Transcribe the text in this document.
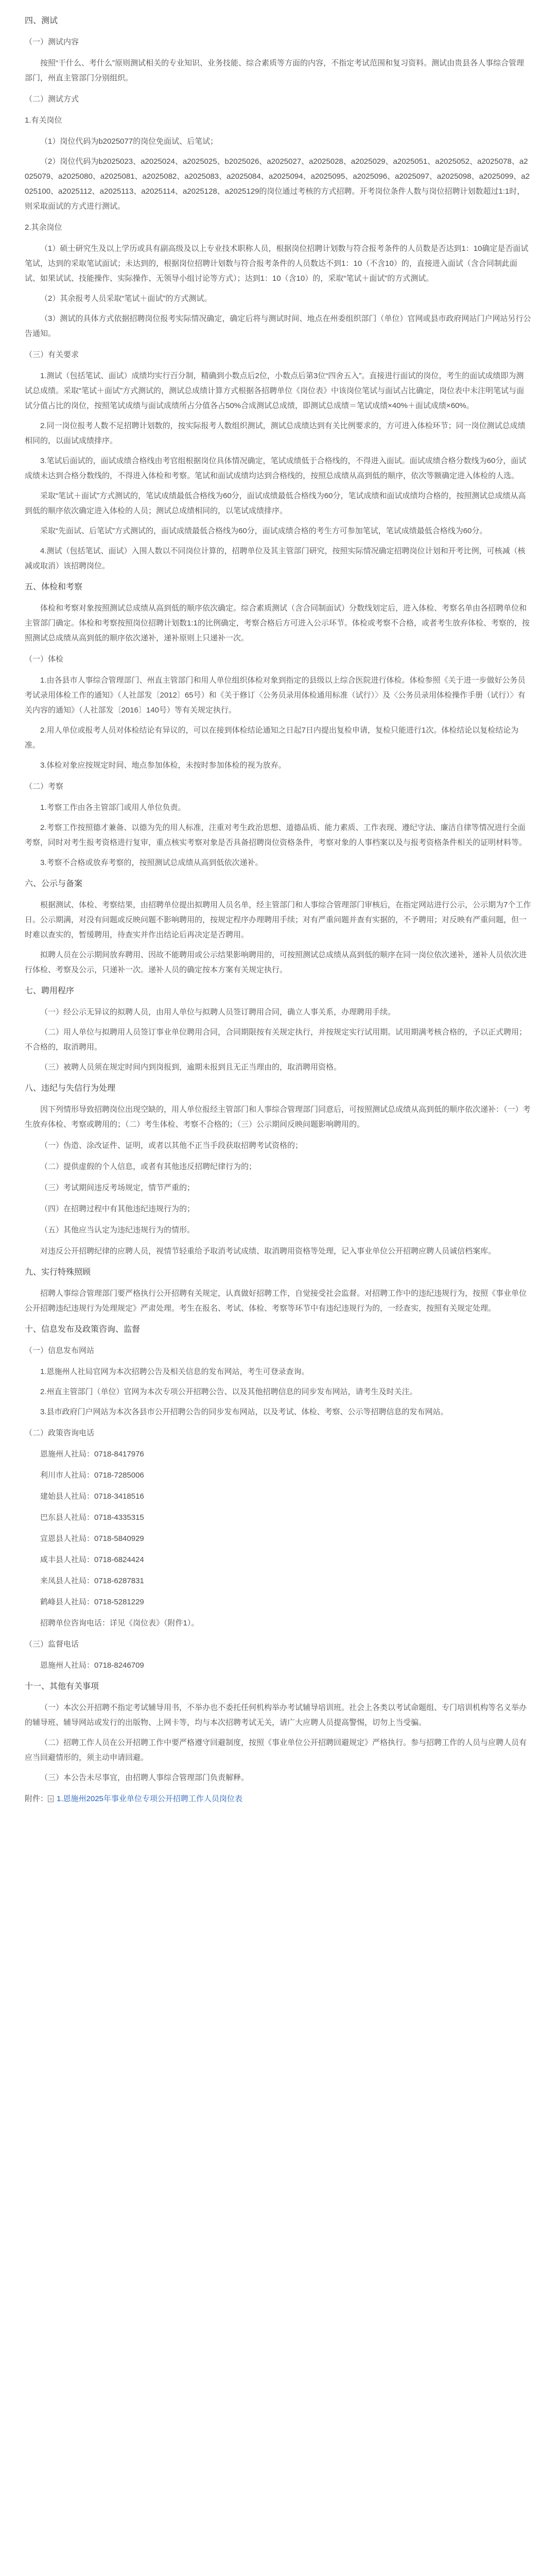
四、测试

（一）测试内容

按照“干什么、考什么”原则测试相关的专业知识、业务技能、综合素质等方面的内容，不指定考试范围和复习资料。测试由贵县各人事综合管理部门，州直主管部门分别组织。

（二）测试方式

1.有关岗位

（1）岗位代码为b2025077的岗位免面试、后笔试；

（2）岗位代码为b2025023、a2025024、a2025025、b2025026、a2025027、a2025028、a2025029、a2025051、a2025052、a2025078、a2025079、a2025080、a2025081、a2025082、a2025083、a2025084、a2025094、a2025095、a2025096、a2025097、a2025098、a2025099、a2025100、a2025112、a2025113、a2025114、a2025128、a2025129的岗位通过考核的方式招聘。开考岗位条件人数与岗位招聘计划数超过1:1时，则采取面试的方式进行测试。

2.其余岗位

（1）硕士研究生及以上学历或具有副高级及以上专业技术职称人员，根据岗位招聘计划数与符合报考条件的人员数是否达到1：10确定是否面试笔试，达到的采取笔试面试；未达到的，根据岗位招聘计划数与符合报考条件的人员数达不到1：10（不含10）的，直接进入面试（含合同制此面试、如果试试、技能操作、实际操作、无领导小组讨论等方式）；达到1：10（含10）的，采取“笔试＋面试”的方式测试。

（2）其余报考人员采取“笔试＋面试”的方式测试。

（3）测试的具体方式依据招聘岗位报考实际情况确定，确定后将与测试时间、地点在州委组织部门（单位）官网或县市政府网站门户网站另行公告通知。

（三）有关要求

1.测试（包括笔试、面试）成绩均实行百分制，精确到小数点后2位，小数点后第3位“四舍五入”。直接进行面试的岗位，考生的面试成绩即为测试总成绩。采取“笔试＋面试”方式测试的，测试总成绩计算方式根据各招聘单位《岗位表》中该岗位笔试与面试占比确定，岗位表中未注明笔试与面试分值占比的岗位，按照笔试成绩与面试成绩所占分值各占50%合成测试总成绩，即测试总成绩＝笔试成绩×40%＋面试成绩×60%。

2.同一岗位报考人数不足招聘计划数的，按实际报考人数组织测试，测试总成绩达到有关比例要求的，方可进入体检环节；同一岗位测试总成绩相同的，以面试成绩排序。

3.笔试后面试的，面试成绩合格线由考官组根据岗位具体情况确定，笔试成绩低于合格线的，不得进入面试。面试成绩合格分数线为60分，面试成绩未达到合格分数线的，不得进入体检和考察。笔试和面试成绩均达到合格线的，按照总成绩从高到低的顺序，依次等额确定进入体检的人选。

采取“笔试＋面试”方式测试的，笔试成绩最低合格线为60分，面试成绩最低合格线为60分，笔试成绩和面试成绩均合格的，按照测试总成绩从高到低的顺序依次确定进入体检的人员；测试总成绩相同的，以笔试成绩排序。

采取“先面试、后笔试”方式测试的，面试成绩最低合格线为60分，面试成绩合格的考生方可参加笔试，笔试成绩最低合格线为60分。

4.测试（包括笔试、面试）入围人数以不同岗位计算的，招聘单位及其主管部门研究，按照实际情况确定招聘岗位计划和开考比例，可核减（核减或取消）该招聘岗位。

五、体检和考察

体检和考察对象按照测试总成绩从高到低的顺序依次确定。综合素质测试（含合同制面试）分数线划定后，进入体检、考察名单由各招聘单位和主管部门确定。体检和考察按照岗位招聘计划数1:1的比例确定，考察合格后方可进入公示环节。体检或考察不合格，或者考生放弃体检、考察的，按照测试总成绩从高到低的顺序依次递补，递补原则上只递补一次。

（一）体检

1.由各县市人事综合管理部门、州直主管部门和用人单位组织体检对象到指定的县级以上综合医院进行体检。体检参照《关于进一步做好公务员考试录用体检工作的通知》（人社部发〔2012〕65号）和《关于修订〈公务员录用体检通用标准（试行）〉及〈公务员录用体检操作手册（试行）〉有关内容的通知》（人社部发〔2016〕140号）等有关规定执行。

2.用人单位或报考人员对体检结论有异议的，可以在接到体检结论通知之日起7日内提出复检申请，复检只能进行1次。体检结论以复检结论为准。

3.体检对象应按规定时间、地点参加体检，未按时参加体检的视为放弃。

（二）考察

1.考察工作由各主管部门或用人单位负责。

2.考察工作按照德才兼备、以德为先的用人标准，注重对考生政治思想、道德品质、能力素质、工作表现、遵纪守法、廉洁自律等情况进行全面考察，同时对考生报考资格进行复审，重点核实考察对象是否具备招聘岗位资格条件，考察对象的人事档案以及与报考资格条件相关的证明材料等。

3.考察不合格或放弃考察的，按照测试总成绩从高到低依次递补。

六、公示与备案

根据测试、体检、考察结果，由招聘单位提出拟聘用人员名单，经主管部门和人事综合管理部门审核后，在指定网站进行公示，公示期为7个工作日。公示期满，对没有问题或反映问题不影响聘用的，按规定程序办理聘用手续；对有严重问题并查有实据的，不予聘用；对反映有严重问题，但一时难以查实的，暂缓聘用，待查实并作出结论后再决定是否聘用。

拟聘人员在公示期间放弃聘用、因故不能聘用或公示结果影响聘用的，可按照测试总成绩从高到低的顺序在同一岗位依次递补，递补人员依次进行体检、考察及公示，只递补一次。递补人员的确定按本方案有关规定执行。

七、聘用程序

（一）经公示无异议的拟聘人员，由用人单位与拟聘人员签订聘用合同，确立人事关系，办理聘用手续。

（二）用人单位与拟聘用人员签订事业单位聘用合同，合同期限按有关规定执行，并按规定实行试用期。试用期满考核合格的，予以正式聘用；不合格的，取消聘用。

（三）被聘人员须在规定时间内到岗报到，逾期未报到且无正当理由的，取消聘用资格。

八、违纪与失信行为处理

因下列情形导致招聘岗位出现空缺的，用人单位报经主管部门和人事综合管理部门同意后，可按照测试总成绩从高到低的顺序依次递补：（一）考生放弃体检、考察或聘用的；（二）考生体检、考察不合格的；（三）公示期间反映问题影响聘用的。

（一）伪造、涂改证件、证明，或者以其他不正当手段获取招聘考试资格的；

（二）提供虚假的个人信息，或者有其他违反招聘纪律行为的；

（三）考试期间违反考场规定，情节严重的；

（四）在招聘过程中有其他违纪违规行为的；

（五）其他应当认定为违纪违规行为的情形。

对违反公开招聘纪律的应聘人员，视情节轻重给予取消考试成绩、取消聘用资格等处理，记入事业单位公开招聘应聘人员诚信档案库。

九、实行特殊照顾

招聘人事综合管理部门要严格执行公开招聘有关规定，认真做好招聘工作，自觉接受社会监督。对招聘工作中的违纪违规行为，按照《事业单位公开招聘违纪违规行为处理规定》严肃处理。考生在报名、考试、体检、考察等环节中有违纪违规行为的，一经查实，按照有关规定处理。

十、信息发布及政策咨询、监督

（一）信息发布网站

1.恩施州人社局官网为本次招聘公告及相关信息的发布网站，考生可登录查询。

2.州直主管部门（单位）官网为本次专项公开招聘公告、以及其他招聘信息的同步发布网站，请考生及时关注。

3.县市政府门户网站为本次各县市公开招聘公告的同步发布网站，以及考试、体检、考察、公示等招聘信息的发布网站。

（二）政策咨询电话

恩施州人社局：0718-8417976

利川市人社局：0718-7285006

建始县人社局：0718-3418516

巴东县人社局：0718-4335315

宣恩县人社局：0718-5840929

咸丰县人社局：0718-6824424

来凤县人社局：0718-6287831

鹤峰县人社局：0718-5281229

招聘单位咨询电话：详见《岗位表》（附件1）。

（三）监督电话

恩施州人社局：0718-8246709

十一、其他有关事项

（一）本次公开招聘不指定考试辅导用书，不举办也不委托任何机构举办考试辅导培训班。社会上各类以考试命题组、专门培训机构等名义举办的辅导班、辅导网站或发行的出版物、上网卡等，均与本次招聘考试无关，请广大应聘人员提高警惕，切勿上当受骗。

（二）招聘工作人员在公开招聘工作中要严格遵守回避制度，按照《事业单位公开招聘回避规定》严格执行。参与招聘工作的人员与应聘人员有应当回避情形的，须主动申请回避。

（三）本公告未尽事宜，由招聘人事综合管理部门负责解释。

附件： 1.恩施州2025年事业单位专项公开招聘工作人员岗位表
